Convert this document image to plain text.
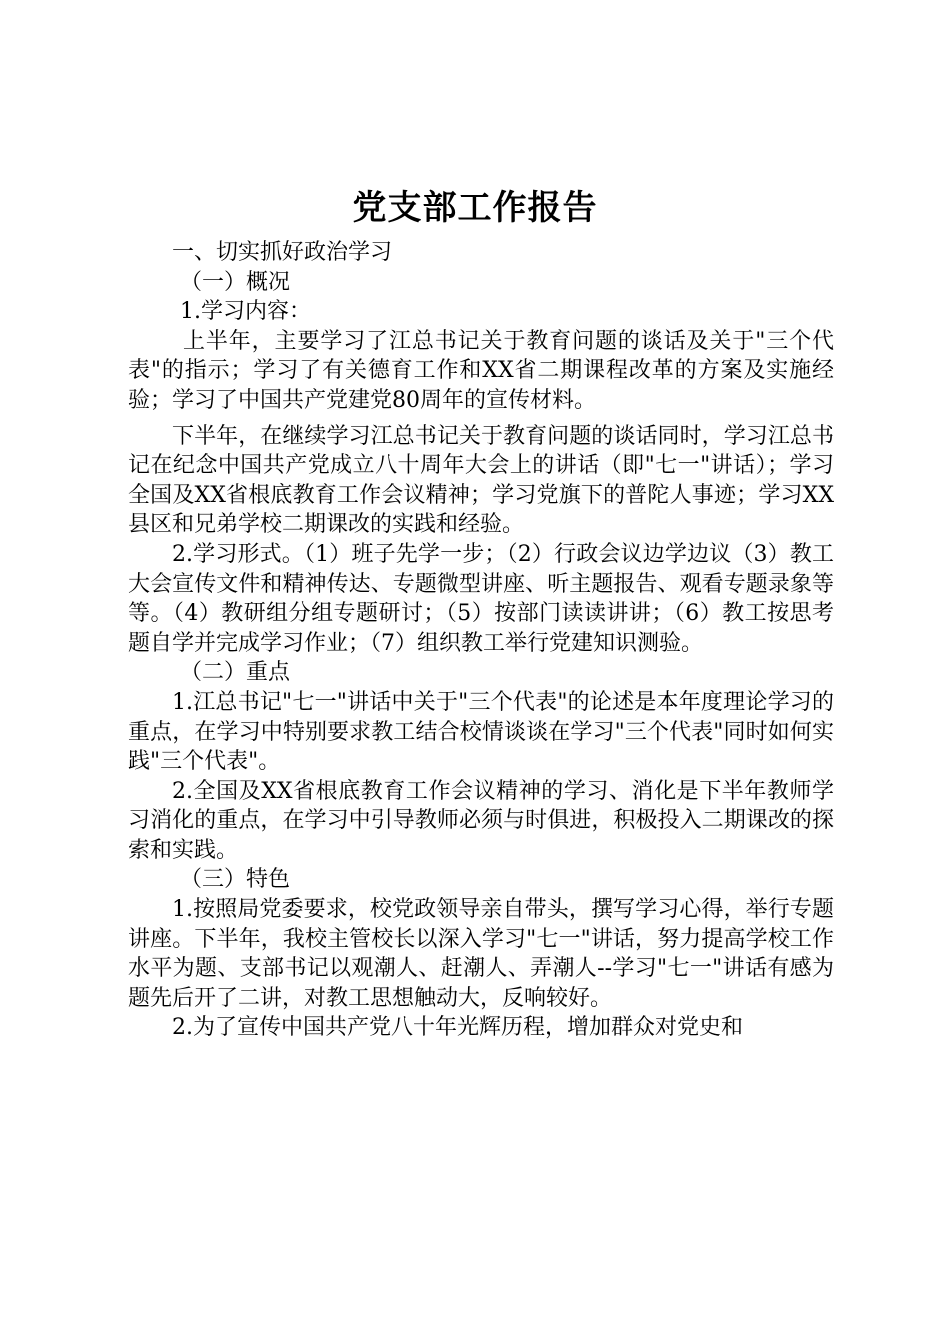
党支部工作报告

一、切实抓好政治学习

（一）概况

1.学习内容：

上半年，主要学习了江总书记关于教育问题的谈话及关于"三个代表"的指示；学习了有关德育工作和XX省二期课程改革的方案及实施经验；学习了中国共产党建党80周年的宣传材料。

下半年，在继续学习江总书记关于教育问题的谈话同时，学习江总书记在纪念中国共产党成立八十周年大会上的讲话（即"七一"讲话）；学习全国及XX省根底教育工作会议精神；学习党旗下的普陀人事迹；学习XX县区和兄弟学校二期课改的实践和经验。

2.学习形式。（1）班子先学一步；（2）行政会议边学边议（3）教工大会宣传文件和精神传达、专题微型讲座、听主题报告、观看专题录象等等。（4）教研组分组专题研讨；（5）按部门读读讲讲；（6）教工按思考题自学并完成学习作业；（7）组织教工举行党建知识测验。

（二）重点

1.江总书记"七一"讲话中关于"三个代表"的论述是本年度理论学习的重点，在学习中特别要求教工结合校情谈谈在学习"三个代表"同时如何实践"三个代表"。

2.全国及XX省根底教育工作会议精神的学习、消化是下半年教师学习消化的重点，在学习中引导教师必须与时俱进，积极投入二期课改的探索和实践。

（三）特色

1.按照局党委要求，校党政领导亲自带头，撰写学习心得，举行专题讲座。下半年，我校主管校长以深入学习"七一"讲话，努力提高学校工作水平为题、支部书记以观潮人、赶潮人、弄潮人--学习"七一"讲话有感为题先后开了二讲，对教工思想触动大，反响较好。

2.为了宣传中国共产党八十年光辉历程，增加群众对党史和
